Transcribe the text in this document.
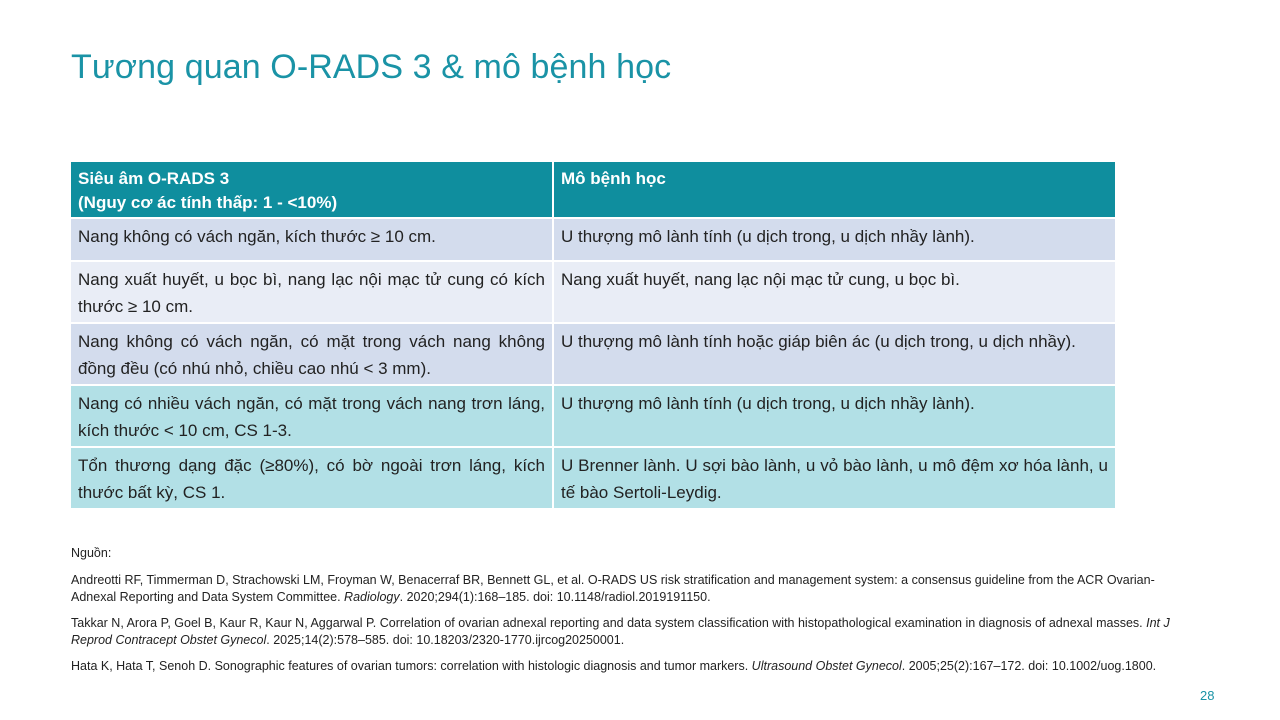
Tương quan O-RADS 3 & mô bệnh học
Siêu âm O-RADS 3
(Nguy cơ ác tính thấp: 1 - <10%)	Mô bệnh học
Nang không có vách ngăn, kích thước ≥ 10 cm.	U thượng mô lành tính (u dịch trong, u dịch nhầy lành).
Nang xuất huyết, u bọc bì, nang lạc nội mạc tử cung có kích thước ≥ 10 cm.	Nang xuất huyết, nang lạc nội mạc tử cung, u bọc bì.
Nang không có vách ngăn, có mặt trong vách nang không đồng đều (có nhú nhỏ, chiều cao nhú < 3 mm).	U thượng mô lành tính hoặc giáp biên ác (u dịch trong, u dịch nhầy).
Nang có nhiều vách ngăn, có mặt trong vách nang trơn láng, kích thước < 10 cm, CS 1-3.	U thượng mô lành tính (u dịch trong, u dịch nhầy lành).
Tổn thương dạng đặc (≥80%), có bờ ngoài trơn láng, kích thước bất kỳ, CS 1.	U Brenner lành. U sợi bào lành, u vỏ bào lành, u mô đệm xơ hóa lành, u tế bào Sertoli-Leydig.
Nguồn:
Andreotti RF, Timmerman D, Strachowski LM, Froyman W, Benacerraf BR, Bennett GL, et al. O-RADS US risk stratification and management system: a consensus guideline from the ACR Ovarian-Adnexal Reporting and Data System Committee. Radiology. 2020;294(1):168–185. doi: 10.1148/radiol.2019191150.
Takkar N, Arora P, Goel B, Kaur R, Kaur N, Aggarwal P. Correlation of ovarian adnexal reporting and data system classification with histopathological examination in diagnosis of adnexal masses. Int J Reprod Contracept Obstet Gynecol. 2025;14(2):578–585. doi: 10.18203/2320-1770.ijrcog20250001.
Hata K, Hata T, Senoh D. Sonographic features of ovarian tumors: correlation with histologic diagnosis and tumor markers. Ultrasound Obstet Gynecol. 2005;25(2):167–172. doi: 10.1002/uog.1800.
28
